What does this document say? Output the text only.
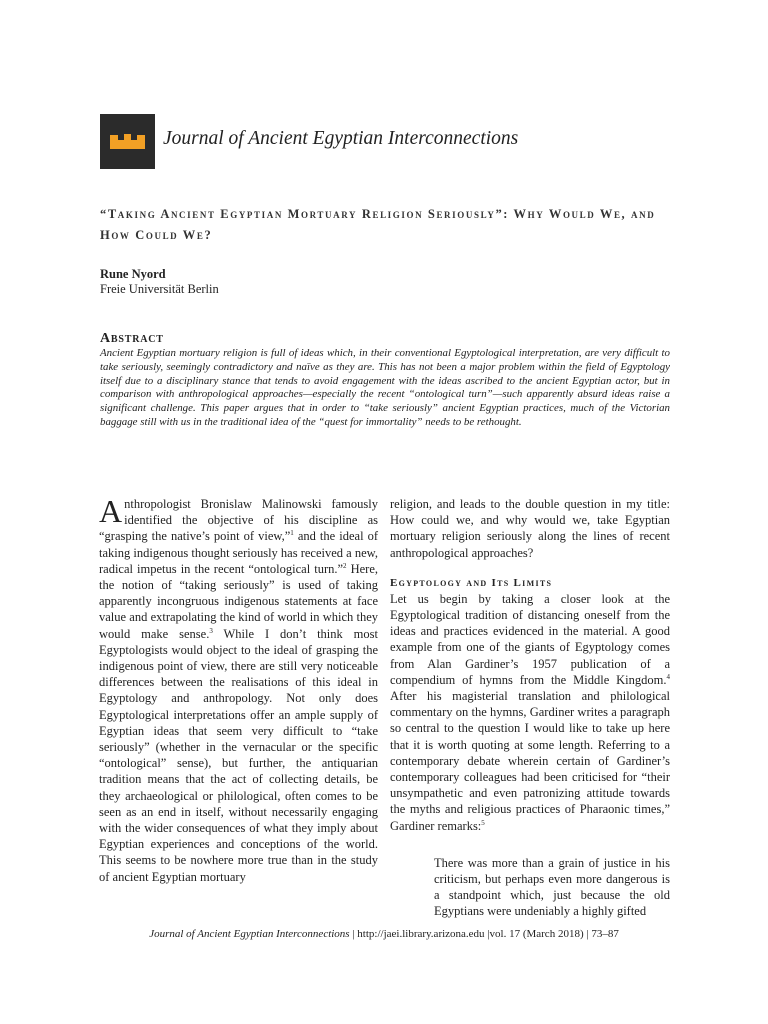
Journal of Ancient Egyptian Interconnections
“Taking Ancient Egyptian Mortuary Religion Seriously”: Why Would We, and How Could We?
Rune Nyord
Freie Universität Berlin
Abstract

Ancient Egyptian mortuary religion is full of ideas which, in their conventional Egyptological interpretation, are very difficult to take seriously, seemingly contradictory and naïve as they are. This has not been a major problem within the field of Egyptology itself due to a disciplinary stance that tends to avoid engagement with the ideas ascribed to the ancient Egyptian actor, but in comparison with anthropological approaches—especially the recent “ontological turn”—such apparently absurd ideas raise a significant challenge. This paper argues that in order to “take seriously” ancient Egyptian practices, much of the Victorian baggage still with us in the traditional idea of the “quest for immortality” needs to be rethought.

Anthropologist Bronislaw Malinowski famously identified the objective of his discipline as “grasping the native’s point of view,”$^1$ and the ideal of taking indigenous thought seriously has received a new, radical impetus in the recent “ontological turn.”$^2$ Here, the notion of “taking seriously” is used of taking apparently incongruous indigenous statements at face value and extrapolating the kind of world in which they would make sense.$^3$ While I don’t think most Egyptologists would object to the ideal of grasping the indigenous point of view, there are still very noticeable differences between the realisations of this ideal in Egyptology and anthropology. Not only does Egyptological interpretations offer an ample supply of Egyptian ideas that seem very difficult to “take seriously” (whether in the vernacular or the specific “ontological” sense), but further, the antiquarian tradition means that the act of collecting details, be they archaeological or philological, often comes to be seen as an end in itself, without necessarily engaging with the wider consequences of what they imply about Egyptian experiences and conceptions of the world. This seems to be nowhere more true than in the study of ancient Egyptian mortuary

religion, and leads to the double question in my title: How could we, and why would we, take Egyptian mortuary religion seriously along the lines of recent anthropological approaches?

Egyptology and Its Limits

Let us begin by taking a closer look at the Egyptological tradition of distancing oneself from the ideas and practices evidenced in the material. A good example from one of the giants of Egyptology comes from Alan Gardiner’s 1957 publication of a compendium of hymns from the Middle Kingdom.$^4$ After his magisterial translation and philological commentary on the hymns, Gardiner writes a paragraph so central to the question I would like to take up here that it is worth quoting at some length. Referring to a contemporary debate wherein certain of Gardiner’s contemporary colleagues had been criticised for “their unsympathetic and even patronizing attitude towards the myths and religious practices of Pharaonic times,” Gardiner remarks:$^5$

There was more than a grain of justice in his criticism, but perhaps even more dangerous is a standpoint which, just because the old Egyptians were undeniably a highly gifted
Journal of Ancient Egyptian Interconnections | http://jaei.library.arizona.edu |vol. 17 (March 2018) | 73–87
